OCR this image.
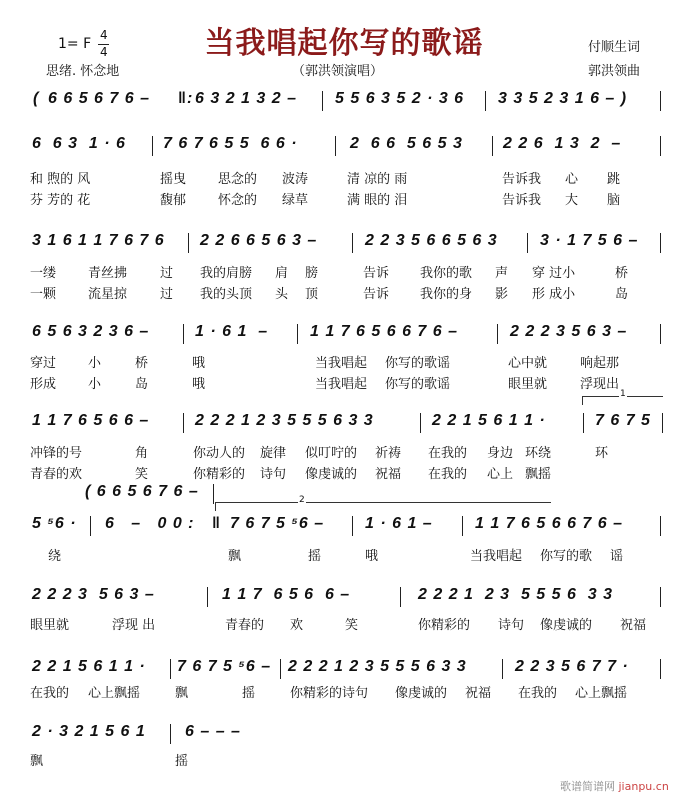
当我唱起你写的歌谣
1= F
4
4
思绪. 怀念地	（郭洪领演唱）
付顺生词
郭洪领曲
1
2
歌谱简谱网 jianpu.cn
( 6 6 5 6 7 6 –	6 3 2 1 3 2 – 5 5 6 3 5 2 · 3 6 3 3 5 2 3 1 6 – )
‖:
6  6 3  1 · 6 7 6 7 6 5 5  6 6 ·	2  6 6  5 6 5 3	2 2 6  1 3  2  –
和 煦的 风	摇曳 思念的 波涛	清 凉的 雨	告诉我 心 跳
芬 芳的 花	馥郁 怀念的 绿草	满 眼的 泪	告诉我 大 脑
3 1 6 1 1 7 6 7 6 2 2 6 6 5 6 3 –	2 2 3 5 6 6 5 6 3	3 · 1 7 5 6 –
一缕 青丝拂	过 我的肩膀 肩 膀	告诉 我你的歌 声 穿 过小	桥
一颗 流星掠	过 我的头顶 头 顶	告诉 我你的身 影 形 成小	岛
6 5 6 3 2 3 6 –	1 · 6 1  –	1 1 7 6 5 6 6 7 6 –	2 2 2 3 5 6 3 –
穿过 小	桥	哦	当我唱起 你写的歌谣	心中就	响起那
形成 小	岛	哦	当我唱起 你写的歌谣	眼里就	浮现出
1 1 7 6 5 6 6 –	2 2 2 1 2 3 5 5 5 6 3 3	2 2 1 5 6 1 1 ·	7 6 7 5
冲锋的号	角	你动人的 旋律 似叮咛的 祈祷 在我的 身边 环绕	环
青春的欢	笑	你精彩的 诗句 像虔诚的 祝福 在我的 心上 飘摇
( 6 6 5 6 7 6 –
5 ⁵6 · 6   –   0 0 : 7 6 7 5 ⁵6 –	1 · 6 1 –	1 1 7 6 5 6 6 7 6 –
‖
绕	飘	摇	哦	当我唱起 你写的歌 谣
2 2 2 3  5 6 3 –	1 1 7  6 5 6  6 –	2 2 2 1  2 3  5 5 5 6  3 3
眼里就	浮现 出	青春的 欢	笑	你精彩的 诗句 像虔诚的 祝福
2 2 1 5 6 1 1 · 7 6 7 5 ⁵6 – 2 2 2 1 2 3 5 5 5 6 3 3	2 2 3 5 6 7 7 ·
在我的 心上飘摇	飘	摇	你精彩的诗句 像虔诚的 祝福 在我的 心上飘摇
2 · 3 2 1 5 6 1 6 – – –
飘	摇
